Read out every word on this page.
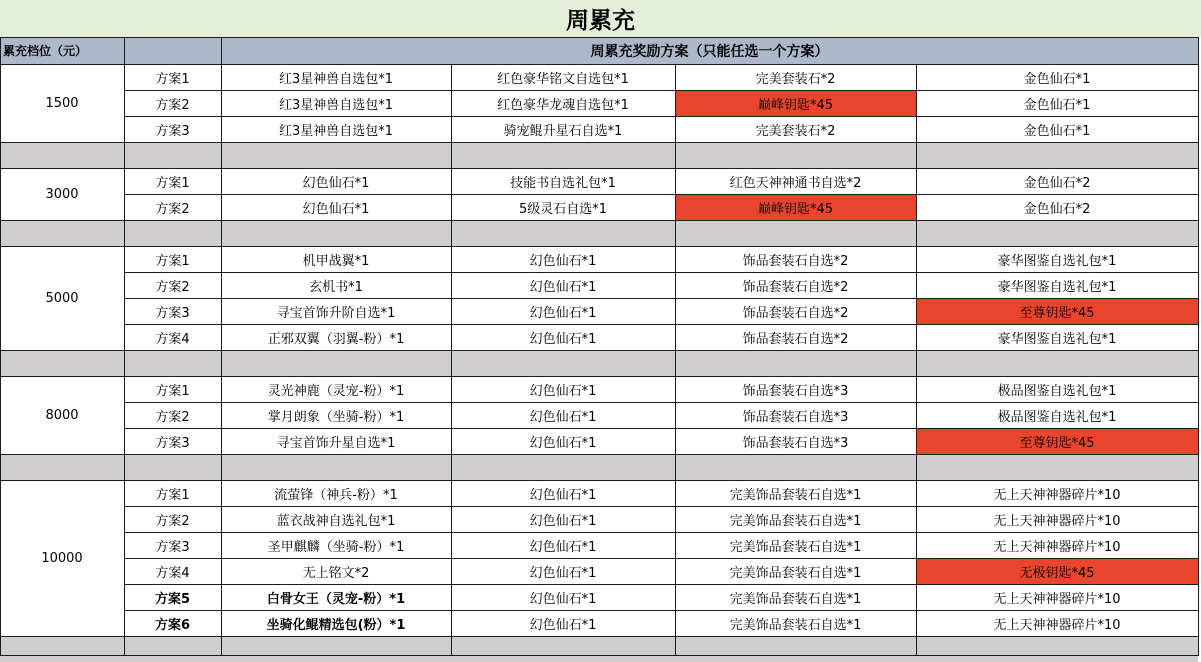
周累充
累充档位（元）	周累充奖励方案（只能任选一个方案）
方案1	红3星神兽自选包*1	红色豪华铭文自选包*1	完美套装石*2	金色仙石*1
方案2	红3星神兽自选包*1	红色豪华龙魂自选包*1	巅峰钥匙*45	金色仙石*1
方案3	红3星神兽自选包*1	骑宠鲲升星石自选*1	完美套装石*2	金色仙石*1
1500
方案1	幻色仙石*1	技能书自选礼包*1	红色天神神通书自选*2	金色仙石*2
方案2	幻色仙石*1	5级灵石自选*1	巅峰钥匙*45	金色仙石*2
3000
方案1	机甲战翼*1	幻色仙石*1	饰品套装石自选*2	豪华图鉴自选礼包*1
方案2	玄机书*1	幻色仙石*1	饰品套装石自选*2	豪华图鉴自选礼包*1
方案3	寻宝首饰升阶自选*1	幻色仙石*1	饰品套装石自选*2	至尊钥匙*45
方案4	正邪双翼（羽翼-粉）*1	幻色仙石*1	饰品套装石自选*2	豪华图鉴自选礼包*1
5000
方案1	灵光神鹿（灵宠-粉）*1	幻色仙石*1	饰品套装石自选*3	极品图鉴自选礼包*1
方案2	掌月朗象（坐骑-粉）*1	幻色仙石*1	饰品套装石自选*3	极品图鉴自选礼包*1
方案3	寻宝首饰升星自选*1	幻色仙石*1	饰品套装石自选*3	至尊钥匙*45
8000
方案1	流萤锋（神兵-粉）*1	幻色仙石*1	完美饰品套装石自选*1	无上天神神器碎片*10
方案2	蓝衣战神自选礼包*1	幻色仙石*1	完美饰品套装石自选*1	无上天神神器碎片*10
方案3	圣甲麒麟（坐骑-粉）*1	幻色仙石*1	完美饰品套装石自选*1	无上天神神器碎片*10
方案4	无上铭文*2	幻色仙石*1	完美饰品套装石自选*1	无极钥匙*45
方案5	白骨女王（灵宠-粉）*1	幻色仙石*1	完美饰品套装石自选*1	无上天神神器碎片*10
方案6	坐骑化鲲精选包(粉）*1	幻色仙石*1	完美饰品套装石自选*1	无上天神神器碎片*10
10000
